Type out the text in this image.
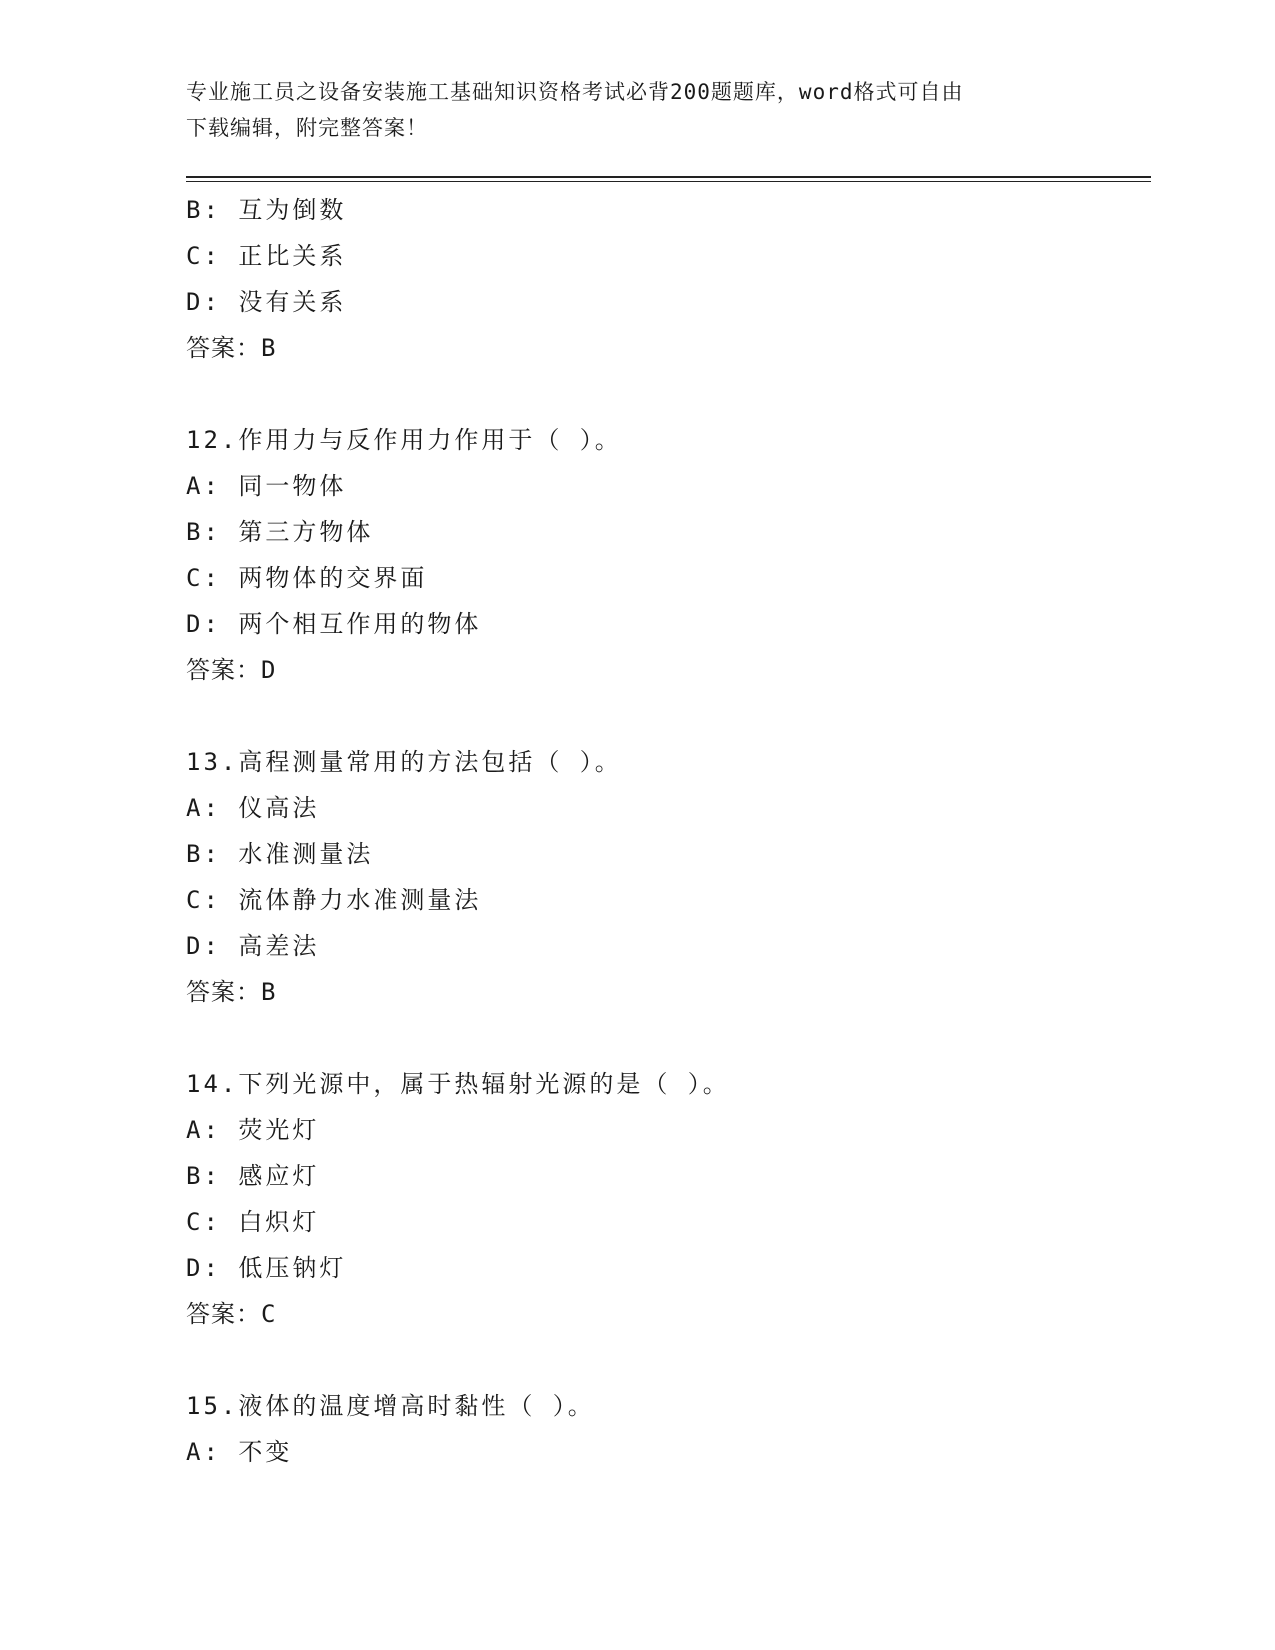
专业施工员之设备安装施工基础知识资格考试必背200题题库，word格式可自由
下载编辑，附完整答案！
B: 互为倒数
C: 正比关系
D: 没有关系
答案：B
12.作用力与反作用力作用于（ ）。
A: 同一物体
B: 第三方物体
C: 两物体的交界面
D: 两个相互作用的物体
答案：D
13.高程测量常用的方法包括（ ）。
A: 仪高法
B: 水准测量法
C: 流体静力水准测量法
D: 高差法
答案：B
14.下列光源中，属于热辐射光源的是（ ）。
A: 荧光灯
B: 感应灯
C: 白炽灯
D: 低压钠灯
答案：C
15.液体的温度增高时黏性（ ）。
A: 不变
